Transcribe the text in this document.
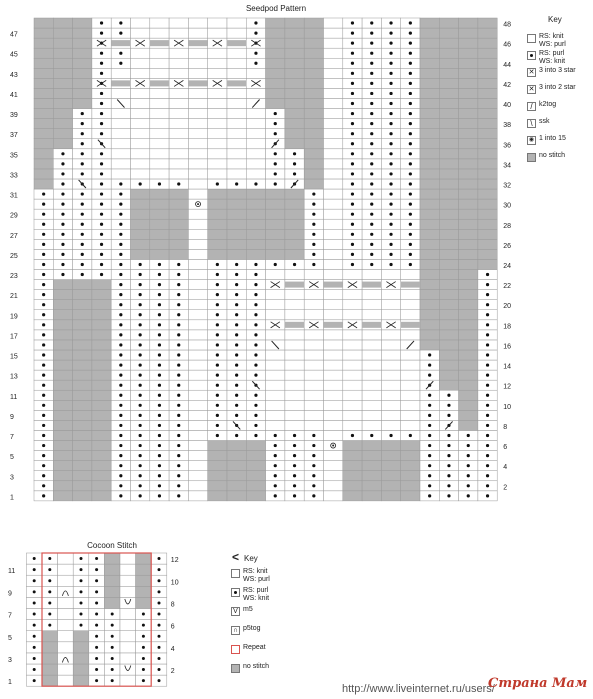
Seedpod Pattern
47
45
43
41
39
37
35
33
31
29
27
25
23
21
19
17
15
13
11
9
7
5
3
1
48
46
44
42
40
38
36
34
32
30
28
26
24
22
20
18
16
14
12
10
8
6
4
2
11
9
7
5
3
1
12
10
8
6
4
2
Key
RS: knit
WS: purl
RS: purl
WS: knit
✕ 3 into 3 star
✕ 3 into 2 star
/ k2tog
\ ssk
◉ 1 into 15
no stitch
Cocoon Stitch
< Key
RS: knit
WS: purl
RS: purl
WS: knit
V m5
∩ p5tog
Repeat
no stitch
http://www.liveinternet.ru/users/
Страна Мам
